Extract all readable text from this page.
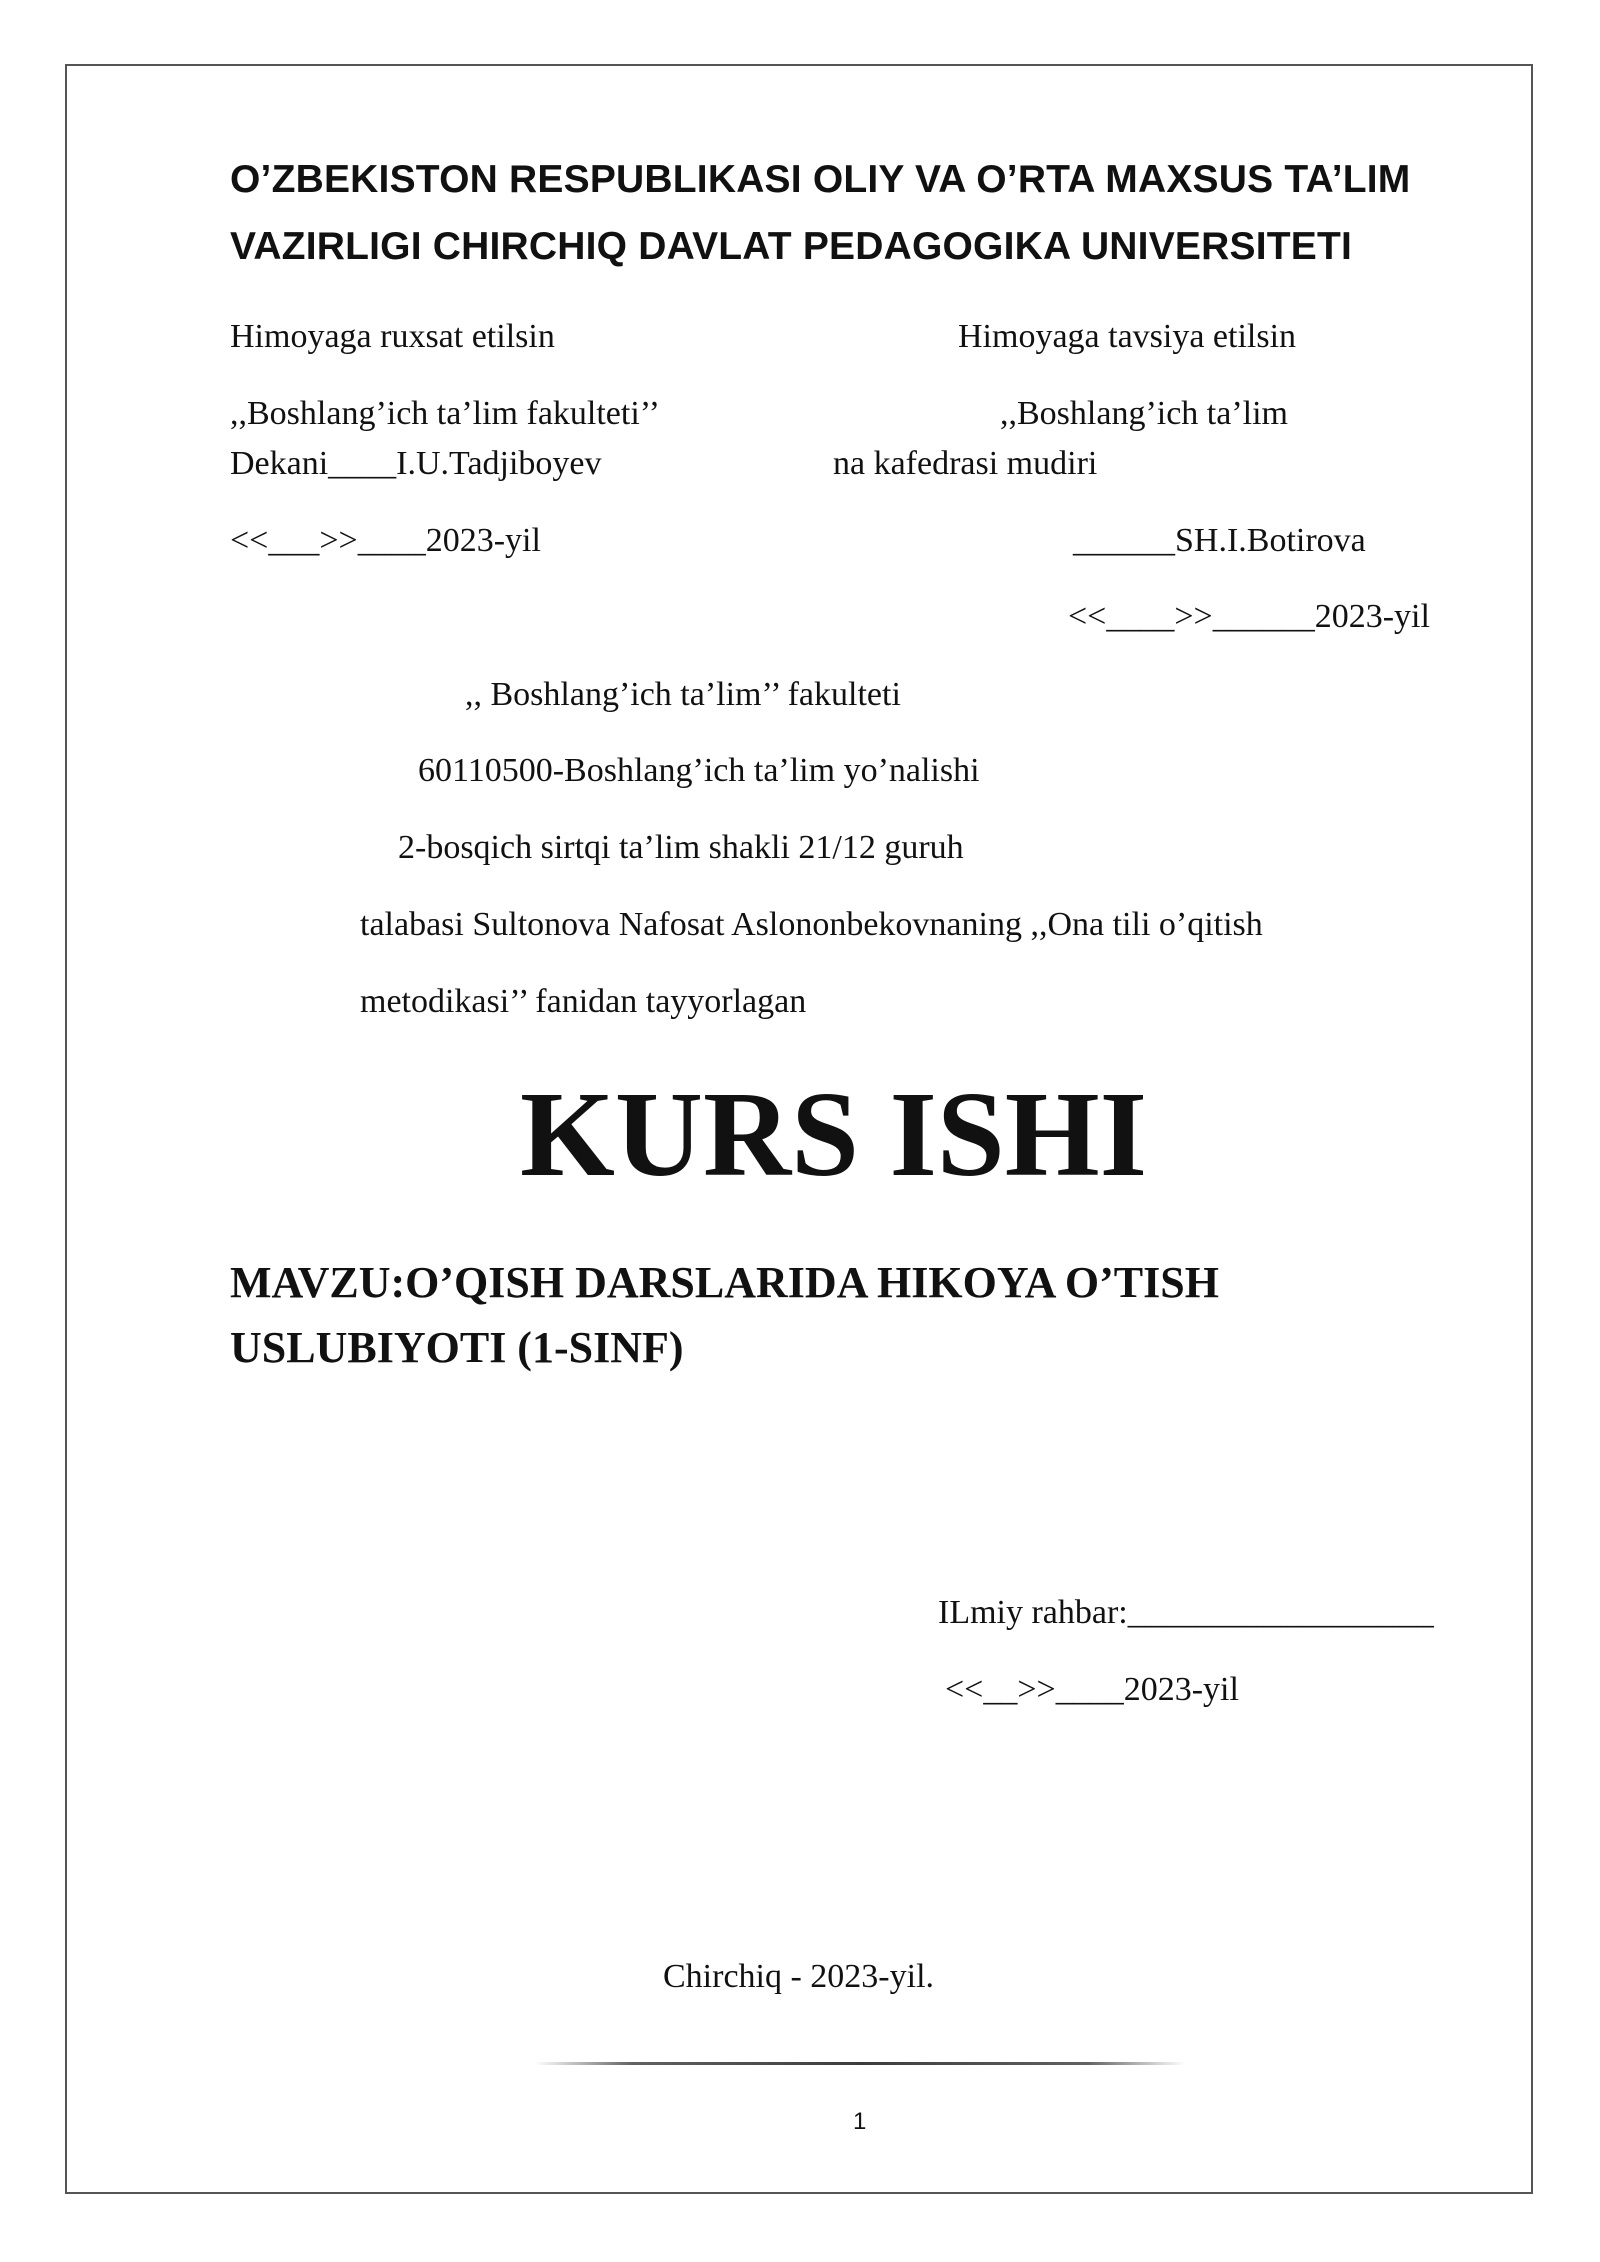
O’ZBEKISTON RESPUBLIKASI OLIY VA O’RTA MAXSUS TA’LIM
VAZIRLIGI CHIRCHIQ DAVLAT PEDAGOGIKA UNIVERSITETI
Himoyaga ruxsat etilsin	Himoyaga tavsiya etilsin
,,Boshlang’ich ta’lim fakulteti’’	,,Boshlang’ich ta’lim
Dekani____I.U.Tadjiboyev	na kafedrasi mudiri
<<___>>____2023-yil	______SH.I.Botirova
<<____>>______2023-yil
,, Boshlang’ich ta’lim’’ fakulteti
60110500-Boshlang’ich ta’lim yo’nalishi
2-bosqich sirtqi ta’lim shakli 21/12 guruh
talabasi Sultonova Nafosat Aslononbekovnaning ,,Ona tili o’qitish
metodikasi’’ fanidan tayyorlagan
KURS ISHI
MAVZU:O’QISH DARSLARIDA HIKOYA O’TISH
USLUBIYOTI (1-SINF)
ILmiy rahbar:__________________
<<__>>____2023-yil
Chirchiq - 2023-yil.
1
